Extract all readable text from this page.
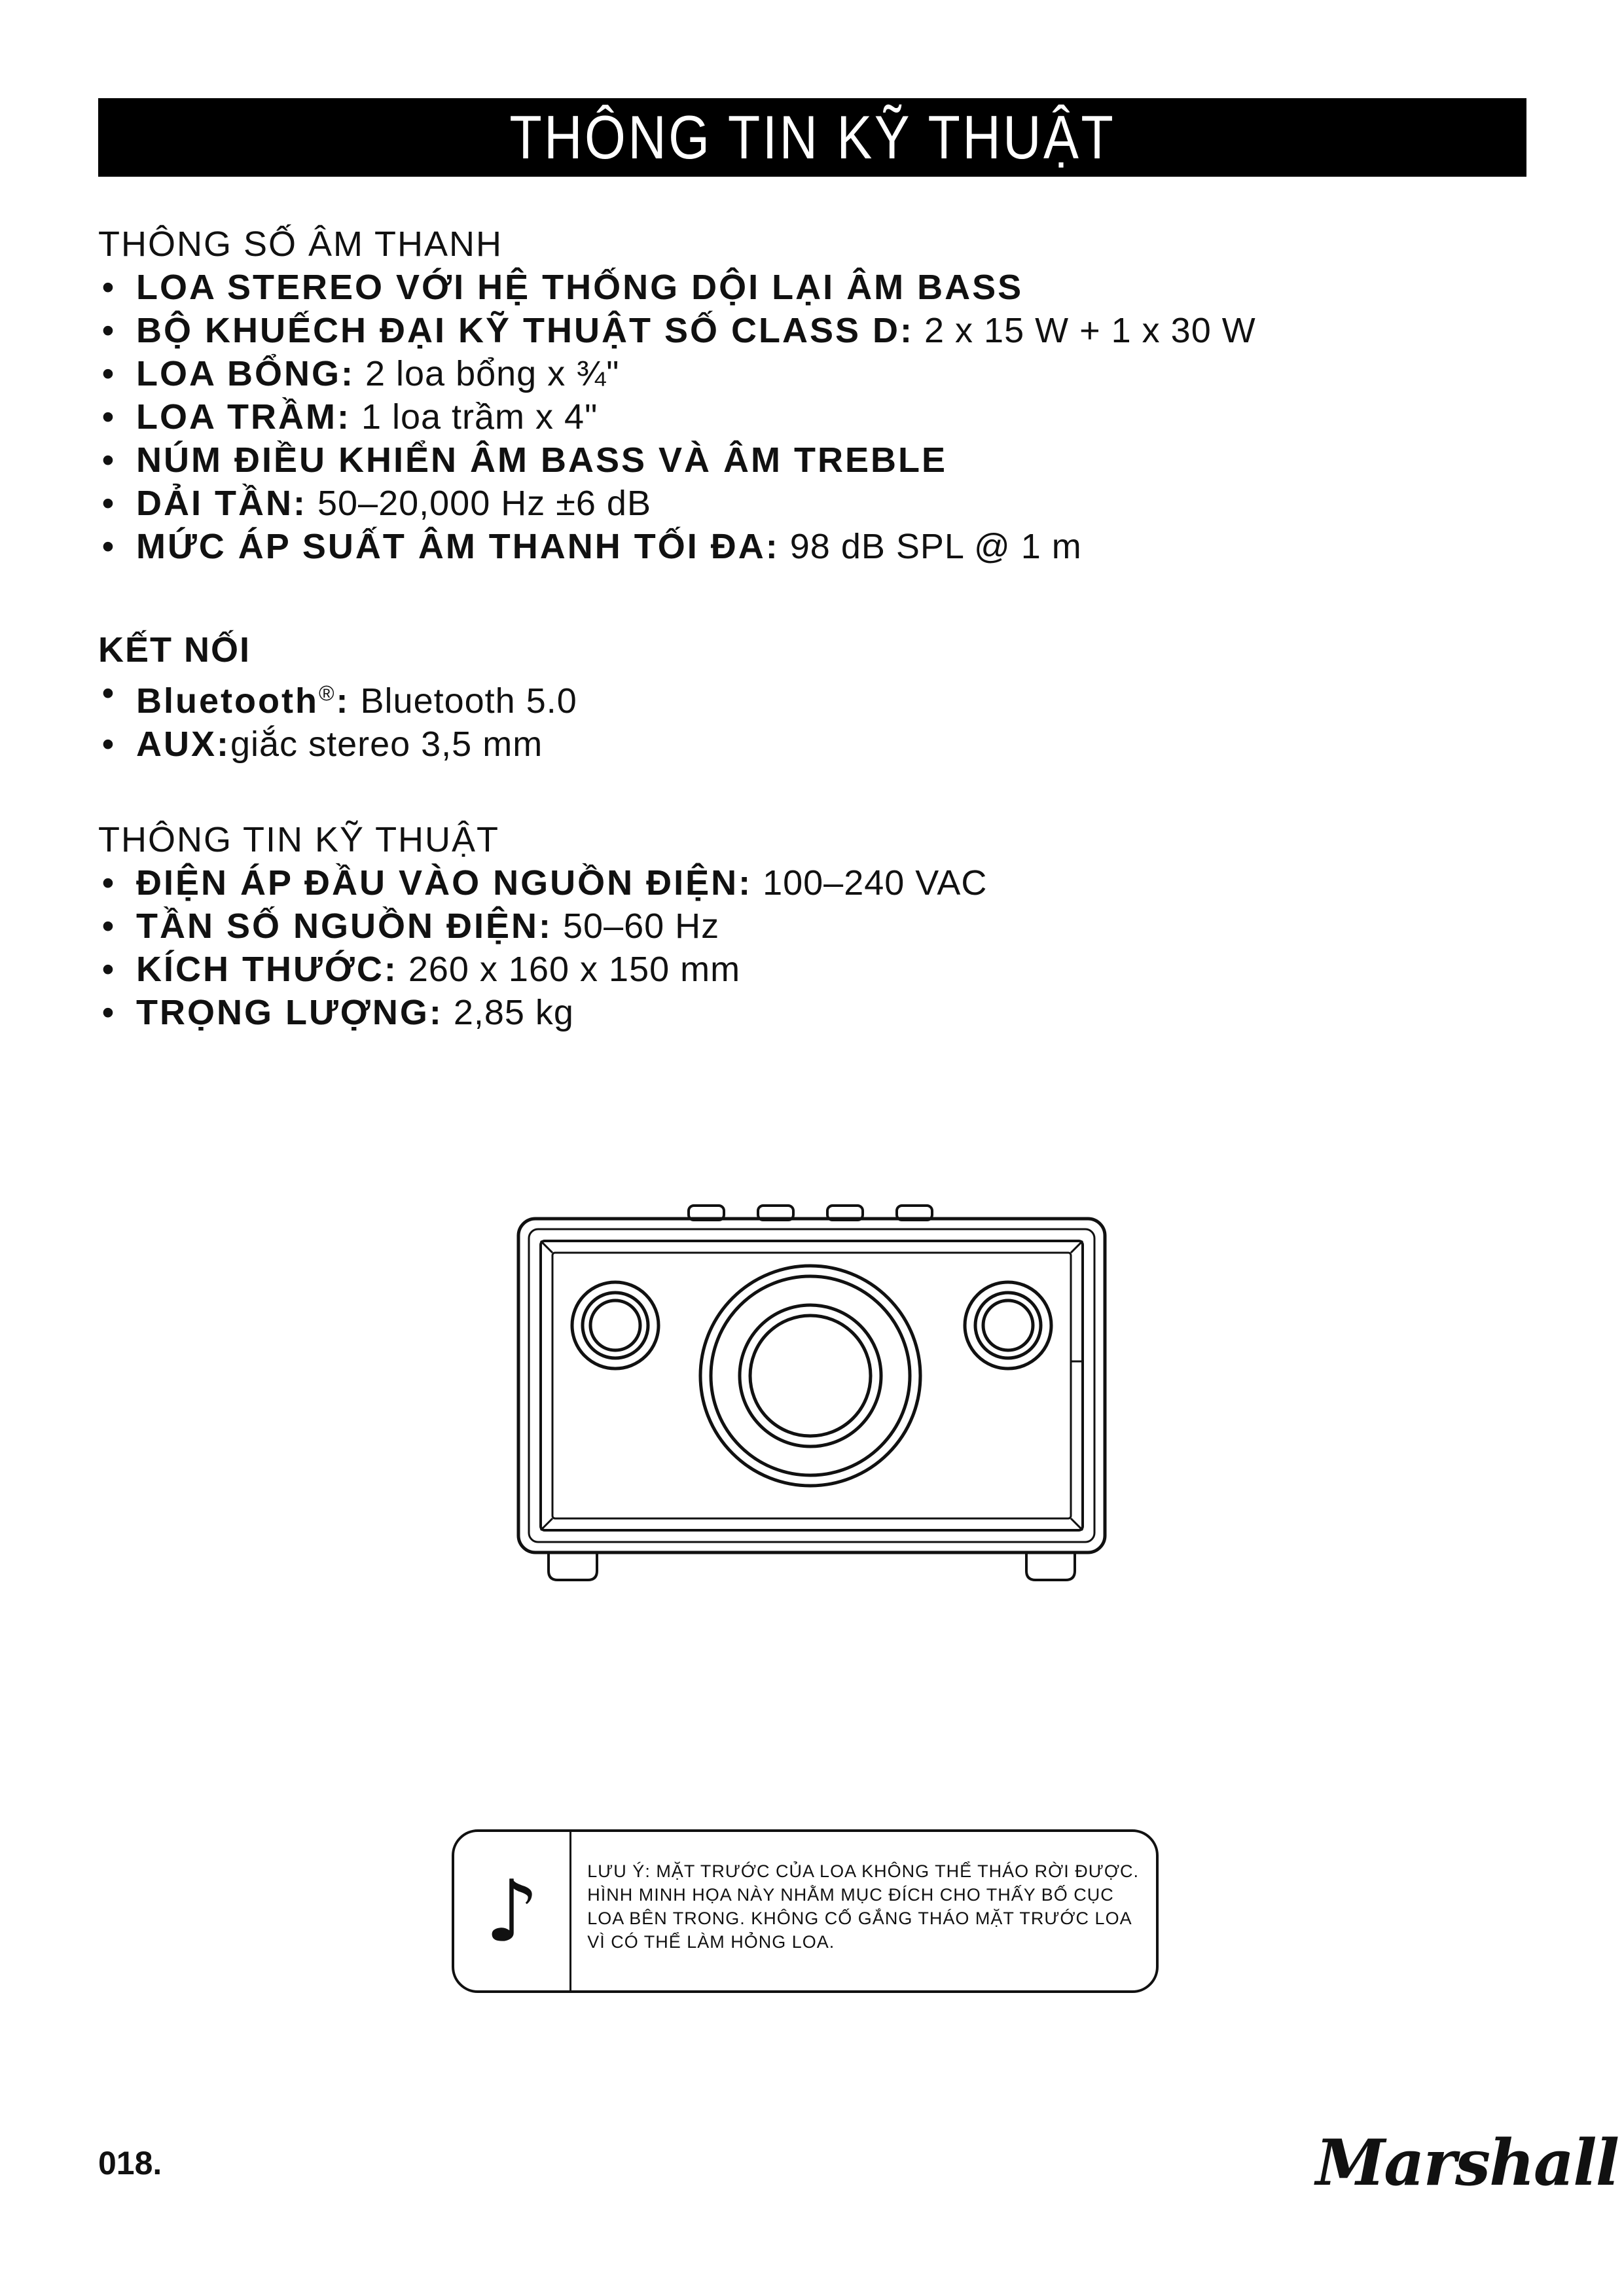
THÔNG TIN KỸ THUẬT
THÔNG SỐ ÂM THANH
• LOA STEREO VỚI HỆ THỐNG DỘI LẠI ÂM BASS
• BỘ KHUẾCH ĐẠI KỸ THUẬT SỐ CLASS D: 2 x 15 W + 1 x 30 W
• LOA BỔNG: 2 loa bổng x ¾"
• LOA TRẦM: 1 loa trầm x 4"
• NÚM ĐIỀU KHIỂN ÂM BASS VÀ ÂM TREBLE
• DẢI TẦN: 50–20,000 Hz ±6 dB
• MỨC ÁP SUẤT ÂM THANH TỐI ĐA: 98 dB SPL @ 1 m
KẾT NỐI
• Bluetooth®: Bluetooth 5.0
• AUX:giắc stereo 3,5 mm
THÔNG TIN KỸ THUẬT
• ĐIỆN ÁP ĐẦU VÀO NGUỒN ĐIỆN: 100–240 VAC
• TẦN SỐ NGUỒN ĐIỆN: 50–60 Hz
• KÍCH THƯỚC: 260 x 160 x 150 mm
• TRỌNG LƯỢNG: 2,85 kg
♪	LƯU Ý: MẶT TRƯỚC CỦA LOA KHÔNG THỂ THÁO RỜI ĐƯỢC.
HÌNH MINH HỌA NÀY NHẰM MỤC ĐÍCH CHO THẤY BỐ CỤC
LOA BÊN TRONG. KHÔNG CỐ GẮNG THÁO MẶT TRƯỚC LOA
VÌ CÓ THỂ LÀM HỎNG LOA.
018.	Marshall
